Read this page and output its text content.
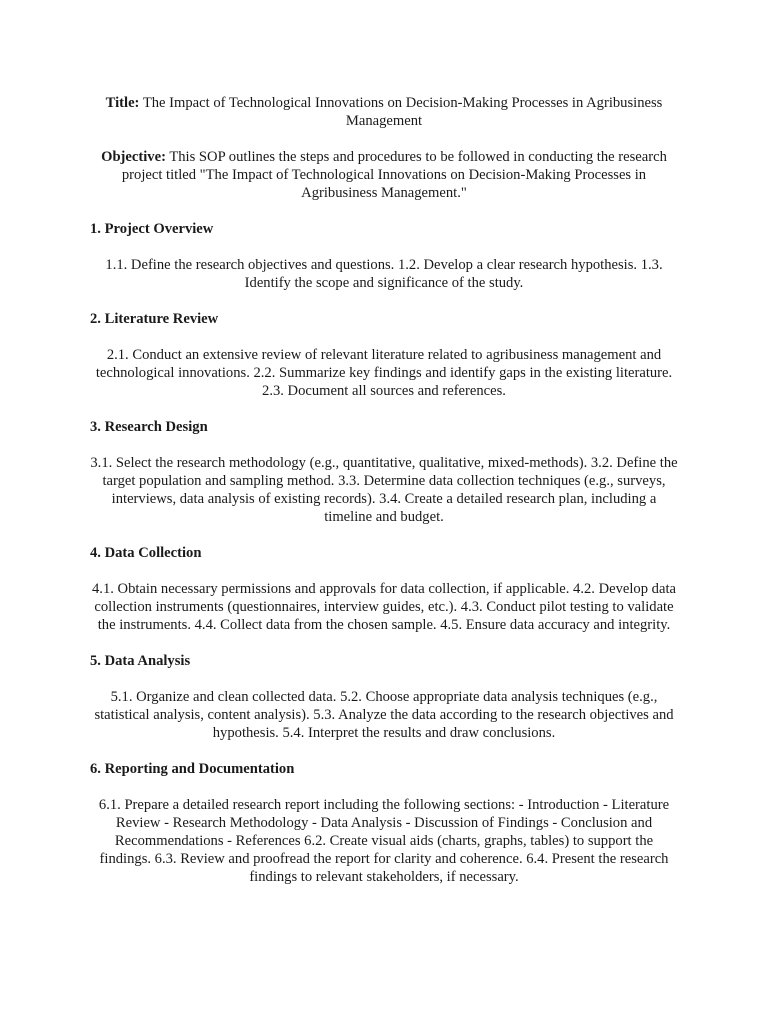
Title: The Impact of Technological Innovations on Decision-Making Processes in Agribusiness Management

Objective: This SOP outlines the steps and procedures to be followed in conducting the research project titled "The Impact of Technological Innovations on Decision-Making Processes in Agribusiness Management."

1. Project Overview

1.1. Define the research objectives and questions. 1.2. Develop a clear research hypothesis. 1.3. Identify the scope and significance of the study.

2. Literature Review

2.1. Conduct an extensive review of relevant literature related to agribusiness management and technological innovations. 2.2. Summarize key findings and identify gaps in the existing literature. 2.3. Document all sources and references.

3. Research Design

3.1. Select the research methodology (e.g., quantitative, qualitative, mixed-methods). 3.2. Define the target population and sampling method. 3.3. Determine data collection techniques (e.g., surveys, interviews, data analysis of existing records). 3.4. Create a detailed research plan, including a timeline and budget.

4. Data Collection

4.1. Obtain necessary permissions and approvals for data collection, if applicable. 4.2. Develop data collection instruments (questionnaires, interview guides, etc.). 4.3. Conduct pilot testing to validate the instruments. 4.4. Collect data from the chosen sample. 4.5. Ensure data accuracy and integrity.

5. Data Analysis

5.1. Organize and clean collected data. 5.2. Choose appropriate data analysis techniques (e.g., statistical analysis, content analysis). 5.3. Analyze the data according to the research objectives and hypothesis. 5.4. Interpret the results and draw conclusions.

6. Reporting and Documentation

6.1. Prepare a detailed research report including the following sections: - Introduction - Literature Review - Research Methodology - Data Analysis - Discussion of Findings - Conclusion and Recommendations - References 6.2. Create visual aids (charts, graphs, tables) to support the findings. 6.3. Review and proofread the report for clarity and coherence. 6.4. Present the research findings to relevant stakeholders, if necessary.
